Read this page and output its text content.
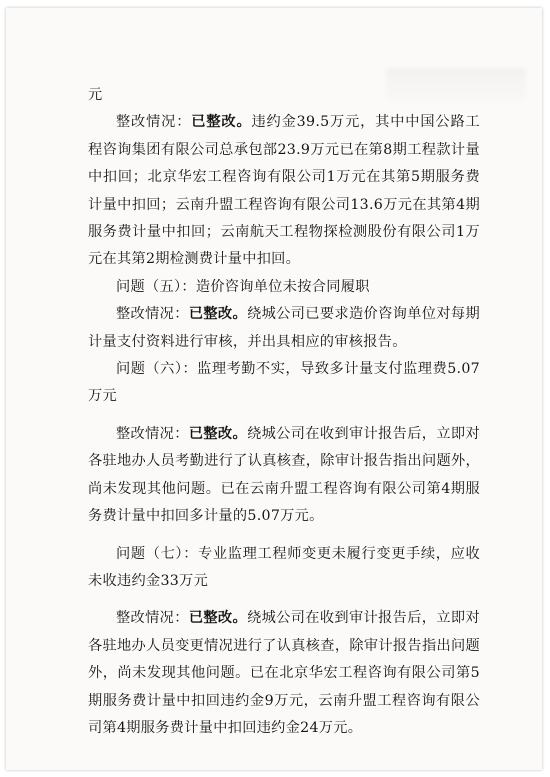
元

整改情况：已整改。违约金39.5万元，其中中国公路工程咨询集团有限公司总承包部23.9万元已在第8期工程款计量中扣回；北京华宏工程咨询有限公司1万元在其第5期服务费计量中扣回；云南升盟工程咨询有限公司13.6万元在其第4期服务费计量中扣回；云南航天工程物探检测股份有限公司1万元在其第2期检测费计量中扣回。

问题（五）：造价咨询单位未按合同履职

整改情况：已整改。绕城公司已要求造价咨询单位对每期计量支付资料进行审核，并出具相应的审核报告。

问题（六）：监理考勤不实，导致多计量支付监理费5.07万元

整改情况：已整改。绕城公司在收到审计报告后，立即对各驻地办人员考勤进行了认真核查，除审计报告指出问题外，尚未发现其他问题。已在云南升盟工程咨询有限公司第4期服务费计量中扣回多计量的5.07万元。

问题（七）：专业监理工程师变更未履行变更手续，应收未收违约金33万元

整改情况：已整改。绕城公司在收到审计报告后，立即对各驻地办人员变更情况进行了认真核查，除审计报告指出问题外，尚未发现其他问题。已在北京华宏工程咨询有限公司第5期服务费计量中扣回违约金9万元，云南升盟工程咨询有限公司第4期服务费计量中扣回违约金24万元。
